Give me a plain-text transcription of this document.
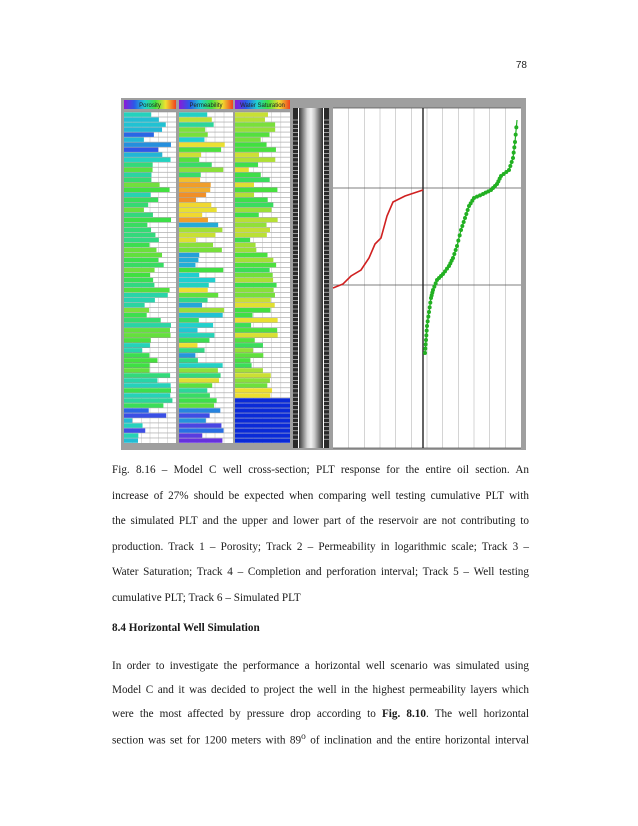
78
Porosity	Permeability	Water Saturation

Fig. 8.16 – Model C well cross-section; PLT response for the entire oil section. An
increase of 27% should be expected when comparing well testing cumulative PLT with
the simulated PLT and the upper and lower part of the reservoir are not contributing to
production. Track 1 – Porosity; Track 2 – Permeability in logarithmic scale; Track 3 –
Water Saturation; Track 4 – Completion and perforation interval; Track 5 – Well testing
cumulative PLT; Track 6 – Simulated PLT

8.4 Horizontal Well Simulation

In order to investigate the performance a horizontal well scenario was simulated using
Model C and it was decided to project the well in the highest permeability layers which
were the most affected by pressure drop according to Fig. 8.10. The well horizontal
section was set for 1200 meters with 89$^o$ of inclination and the entire horizontal interval
